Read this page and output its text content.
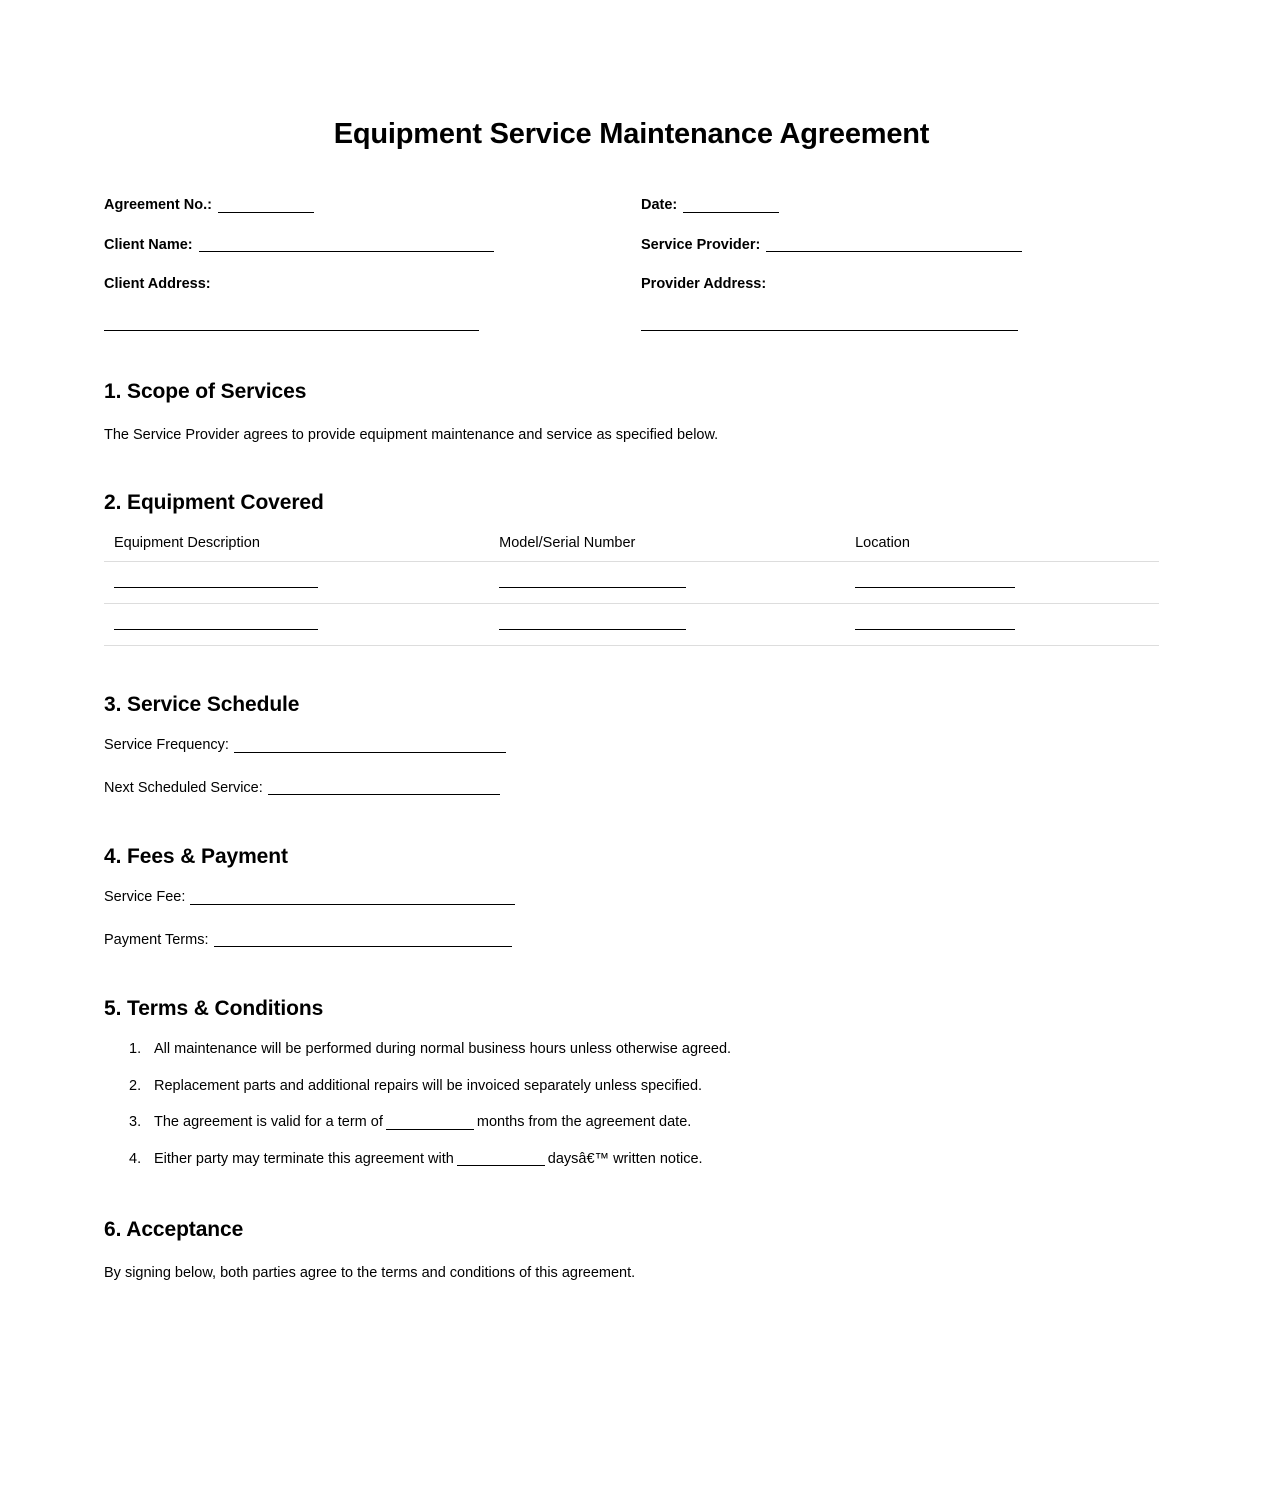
Equipment Service Maintenance Agreement
Agreement No.:
Client Name:
Client Address:
Date:
Service Provider:
Provider Address:
1. Scope of Services

The Service Provider agrees to provide equipment maintenance and service as specified below.

2. Equipment Covered
Equipment Description	Model/Serial Number	Location

3. Service Schedule
Service Frequency:
Next Scheduled Service:
4. Fees & Payment
Service Fee:
Payment Terms:
5. Terms & Conditions
1. All maintenance will be performed during normal business hours unless otherwise agreed.
2. Replacement parts and additional repairs will be invoiced separately unless specified.
3. The agreement is valid for a term of	months from the agreement date.
4. Either party may terminate this agreement with	daysâ€™ written notice.
6. Acceptance

By signing below, both parties agree to the terms and conditions of this agreement.
